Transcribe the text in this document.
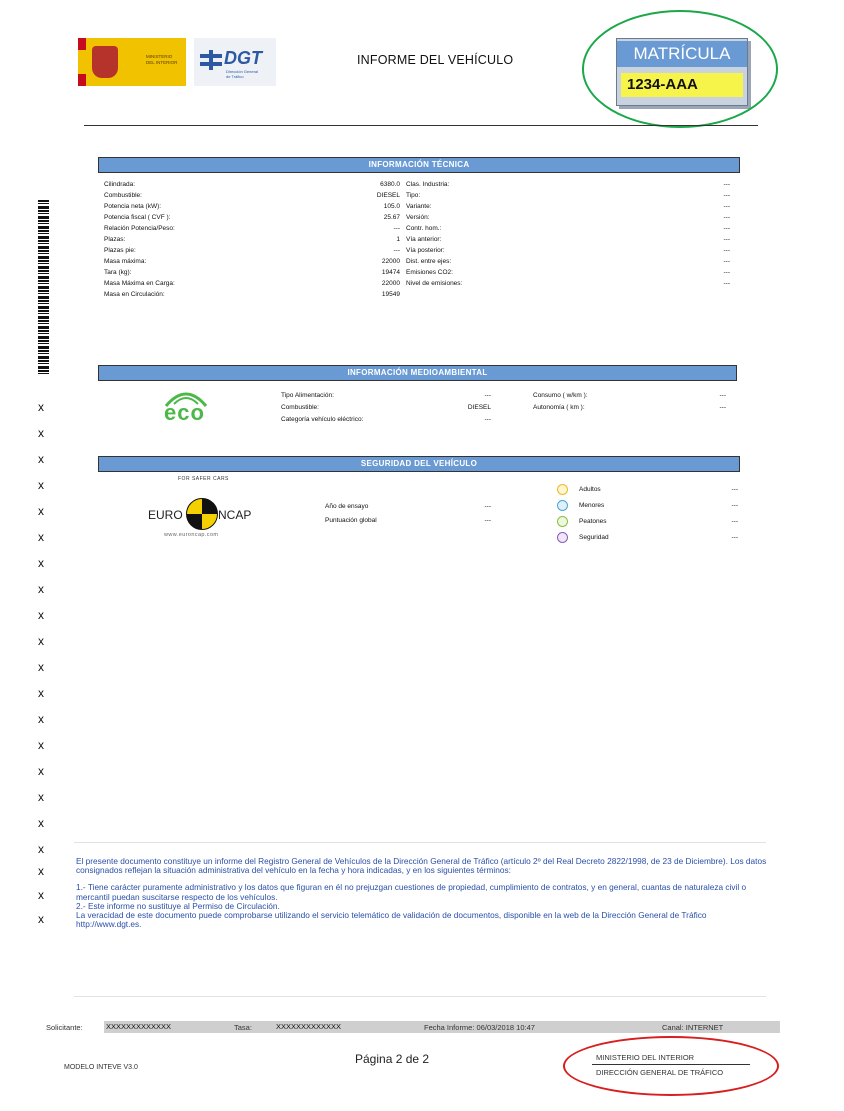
MINISTERIO
DEL INTERIOR	DGT
Dirección General
de Tráfico
INFORME DEL VEHÍCULO	MATRÍCULA
1234-AAA
x
x
x
x
x
x
x
x
x
x
x
x
x
x
x
x
x
x
x
x
x
INFORMACIÓN TÉCNICA
Cilindrada:	6380.0
Combustible:	DIESEL
Potencia neta (kW):	105.0
Potencia fiscal ( CVF ):	25.67
Relación Potencia/Peso:	---
Plazas:	1
Plazas pie:	---
Masa máxima:	22000
Tara (kg):	19474
Masa Máxima en Carga:	22000
Masa en Circulación:	19549
Clas. Industria:	---
Tipo:	---
Variante:	---
Versión:	---
Contr. hom.:	---
Vía anterior:	---
Vía posterior:	---
Dist. entre ejes:	---
Emisiones CO2:	---
Nivel de emisiones:	---
INFORMACIÓN MEDIOAMBIENTAL
eco
Tipo Alimentación:	---
Combustible:	DIESEL
Categoría vehículo eléctrico:	---
Consumo ( w/km ):	---
Autonomía ( km ):	---
SEGURIDAD DEL VEHÍCULO
FOR SAFER CARS
EURO	NCAP
www.euroncap.com
Año de ensayo	---
Puntuación global	---
Adultos	---
Menores	---
Peatones	---
Seguridad	---
El presente documento constituye un informe del Registro General de Vehículos de la Dirección General de Tráfico (artículo 2º del Real Decreto 2822/1998, de 23 de Diciembre). Los datos consignados reflejan la situación administrativa del vehículo en la fecha y hora indicadas, y en los siguientes términos:
1.- Tiene carácter puramente administrativo y los datos que figuran en él no prejuzgan cuestiones de propiedad, cumplimiento de contratos, y en general, cuantas de naturaleza civil o mercantil puedan suscitarse respecto de los vehículos.
2.- Este informe no sustituye al Permiso de Circulación.
La veracidad de este documento puede comprobarse utilizando el servicio telemático de validación de documentos, disponible en la web de la Dirección General de Tráfico http://www.dgt.es.
Solicitante:	XXXXXXXXXXXXX	Tasa:	XXXXXXXXXXXXX	Fecha Informe: 06/03/2018 10:47	Canal: INTERNET
MODELO INTEVE V3.0
Página 2 de 2	MINISTERIO DEL INTERIOR
DIRECCIÓN GENERAL DE TRÁFICO
